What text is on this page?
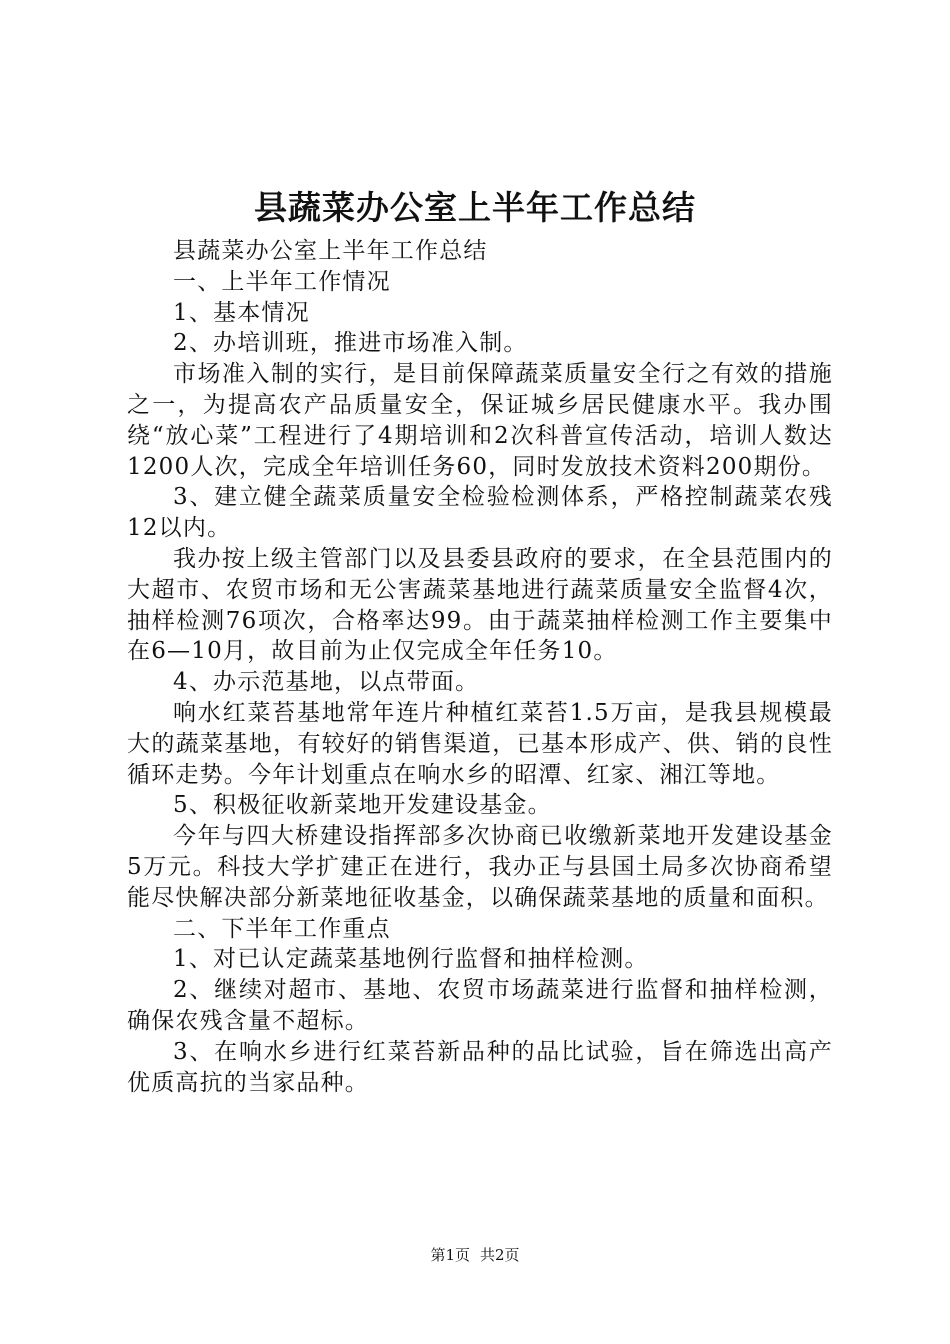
县蔬菜办公室上半年工作总结

县蔬菜办公室上半年工作总结

一、上半年工作情况

1、基本情况

2、办培训班，推进市场准入制。

市场准入制的实行，是目前保障蔬菜质量安全行之有效的措施之一，为提高农产品质量安全，保证城乡居民健康水平。我办围绕“放心菜”工程进行了4期培训和2次科普宣传活动，培训人数达1200人次，完成全年培训任务60，同时发放技术资料200期份。

3、建立健全蔬菜质量安全检验检测体系，严格控制蔬菜农残12以内。

我办按上级主管部门以及县委县政府的要求，在全县范围内的大超市、农贸市场和无公害蔬菜基地进行蔬菜质量安全监督4次，抽样检测76项次，合格率达99。由于蔬菜抽样检测工作主要集中在6—10月，故目前为止仅完成全年任务10。

4、办示范基地，以点带面。

响水红菜苔基地常年连片种植红菜苔1.5万亩，是我县规模最大的蔬菜基地，有较好的销售渠道，已基本形成产、供、销的良性循环走势。今年计划重点在响水乡的昭潭、红家、湘江等地。

5、积极征收新菜地开发建设基金。

今年与四大桥建设指挥部多次协商已收缴新菜地开发建设基金5万元。科技大学扩建正在进行，我办正与县国土局多次协商希望能尽快解决部分新菜地征收基金，以确保蔬菜基地的质量和面积。

二、下半年工作重点

1、对已认定蔬菜基地例行监督和抽样检测。

2、继续对超市、基地、农贸市场蔬菜进行监督和抽样检测，确保农残含量不超标。

3、在响水乡进行红菜苔新品种的品比试验，旨在筛选出高产优质高抗的当家品种。

第1页 共2页
